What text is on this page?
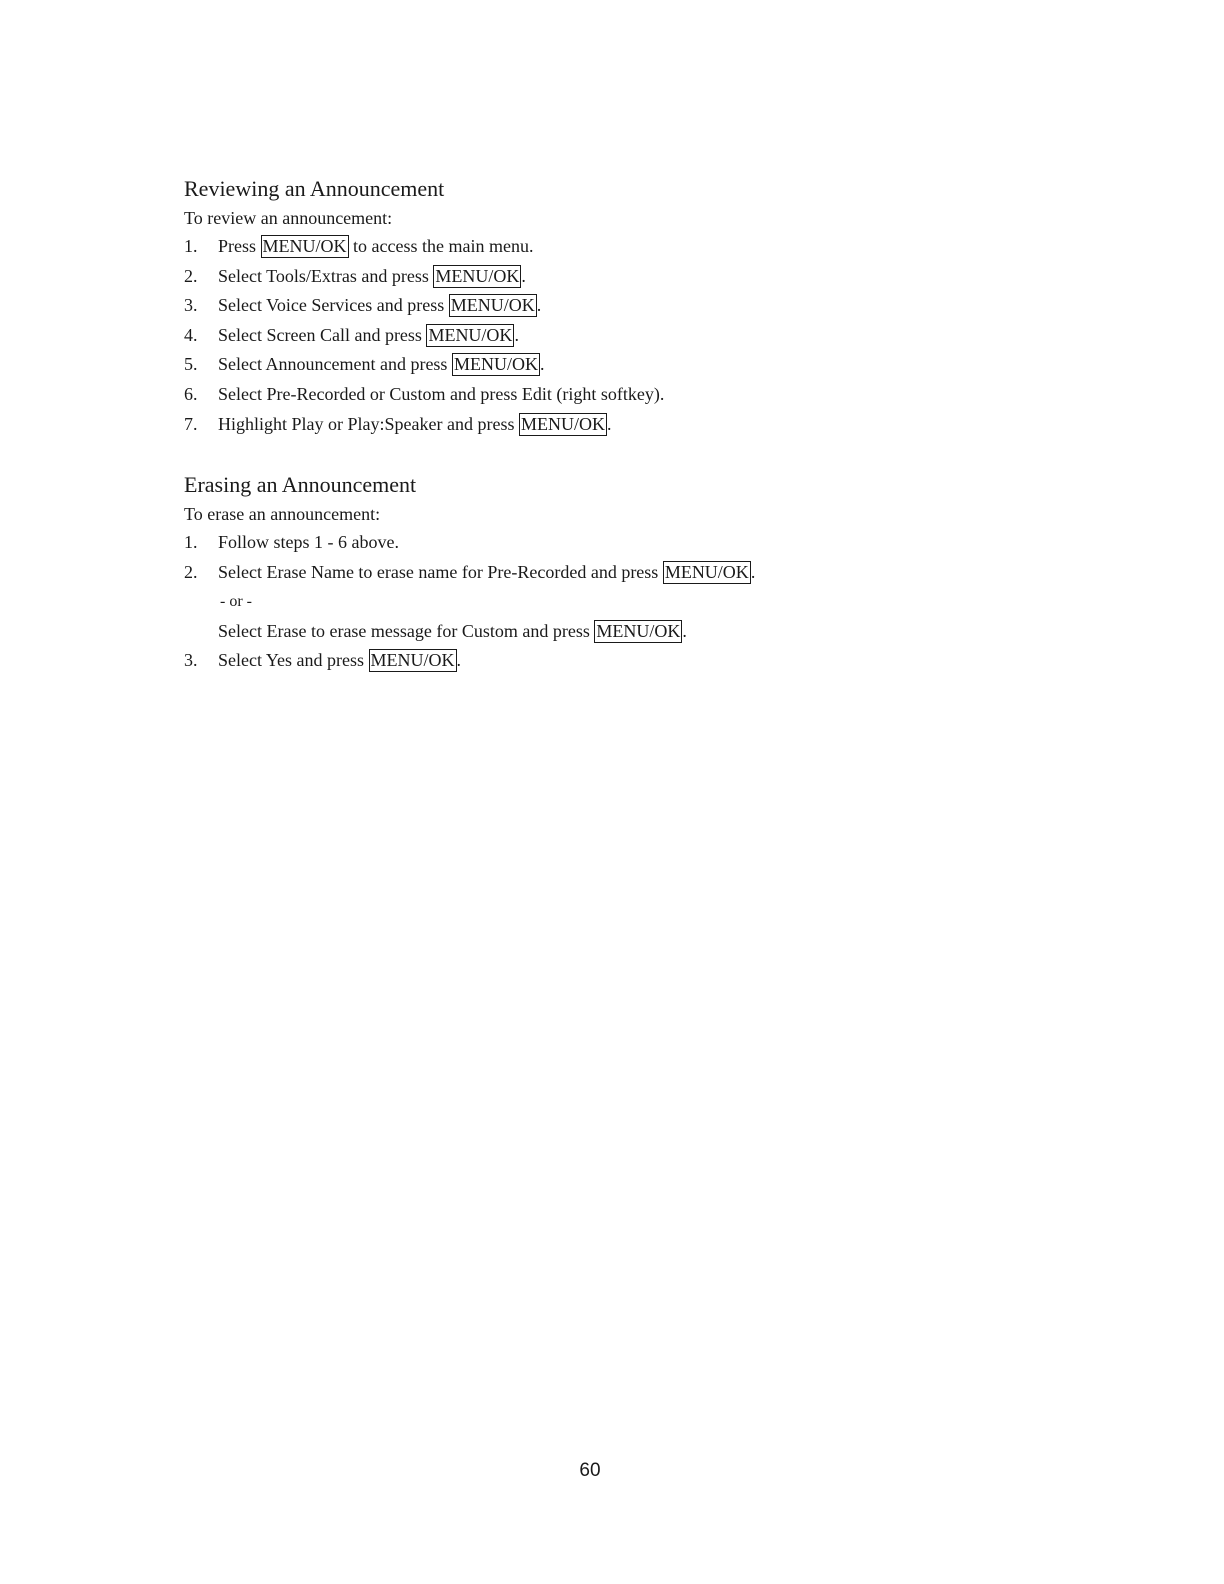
Reviewing an Announcement

To review an announcement:

1. Press MENU/OK to access the main menu.
2. Select Tools/Extras and press MENU/OK .
3. Select Voice Services and press MENU/OK .
4. Select Screen Call and press MENU/OK .
5. Select Announcement and press MENU/OK .
6. Select Pre-Recorded or Custom and press Edit (right softkey).
7. Highlight Play or Play:Speaker and press MENU/OK .
Erasing an Announcement

To erase an announcement:

1. Follow steps 1 - 6 above.
2. Select Erase Name to erase name for Pre-Recorded and press MENU/OK .
- or -
Select Erase to erase message for Custom and press MENU/OK .
3. Select Yes and press MENU/OK .
60
